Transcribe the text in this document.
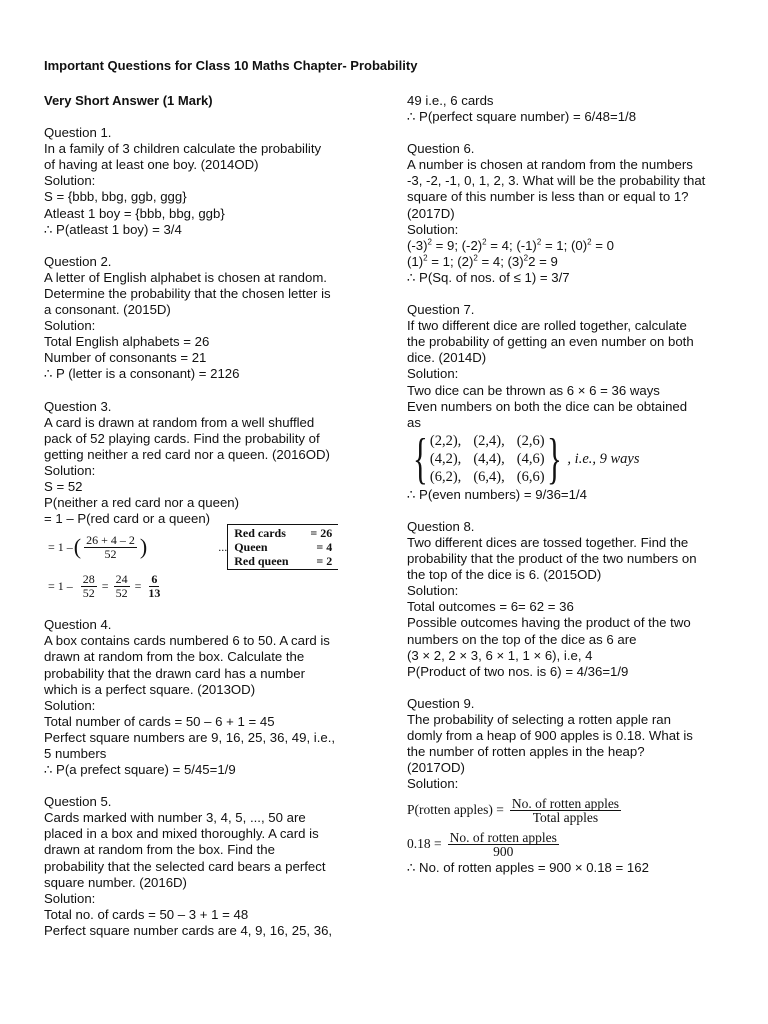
Important Questions for Class 10 Maths Chapter- Probability
Very Short Answer (1 Mark)
Question 1.
In a family of 3 children calculate the probability
of having at least one boy. (2014OD)
Solution:
S = {bbb, bbg, ggb, ggg}
Atleast 1 boy = {bbb, bbg, ggb}
∴ P(atleast 1 boy) = 3/4
Question 2.
A letter of English alphabet is chosen at random.
Determine the probability that the chosen letter is
a consonant. (2015D)
Solution:
Total English alphabets = 26
Number of consonants = 21
∴ P (letter is a consonant) = 2126
Question 3.
A card is drawn at random from a well shuffled
pack of 52 playing cards. Find the probability of
getting neither a red card nor a queen. (2016OD)
Solution:
S = 52
P(neither a red card nor a queen)
= 1 – P(red card or a queen)
= 1 – ( $\frac{26 + 4 - 2}{52}$ )	...
Red cards = 26
Queen	= 4
Red queen = 2
= $1 - \frac{28}{52} = \frac{24}{52} = \frac{6}{13}$
Question 4.
A box contains cards numbered 6 to 50. A card is
drawn at random from the box. Calculate the
probability that the drawn card has a number
which is a perfect square. (2013OD)
Solution:
Total number of cards = 50 – 6 + 1 = 45
Perfect square numbers are 9, 16, 25, 36, 49, i.e.,
5 numbers
∴ P(a prefect square) = 5/45=1/9
Question 5.
Cards marked with number 3, 4, 5, ..., 50 are
placed in a box and mixed thoroughly. A card is
drawn at random from the box. Find the
probability that the selected card bears a perfect
square number. (2016D)
Solution:
Total no. of cards = 50 – 3 + 1 = 48
Perfect square number cards are 4, 9, 16, 25, 36,
49 i.e., 6 cards
∴ P(perfect square number) = 6/48=1/8
Question 6.
A number is chosen at random from the numbers
-3, -2, -1, 0, 1, 2, 3. What will be the probability that
square of this number is less than or equal to 1?
(2017D)
Solution:
$(-3)^2 = 9$; $(-2)^2 = 4$; $(-1)^2 = 1$; $(0)^2 = 0$
$(1)^2 = 1$; $(2)^2 = 4$; $(3)^22 = 9$
∴ P(Sq. of nos. of ≤ 1) = 3/7
Question 7.
If two different dice are rolled together, calculate
the probability of getting an even number on both
dice. (2014D)
Solution:
Two dice can be thrown as 6 × 6 = 36 ways
Even numbers on both the dice can be obtained
as
{ (2,2), (2,4), (2,6)
(4,2), (4,4), (4,6)
(6,2), (6,4), (6,6) } , i.e., 9 ways
∴ P(even numbers) = 9/36=1/4
Question 8.
Two different dices are tossed together. Find the
probability that the product of the two numbers on
the top of the dice is 6. (2015OD)
Solution:
Total outcomes = 6= 62 = 36
Possible outcomes having the product of the two
numbers on the top of the dice as 6 are
(3 × 2, 2 × 3, 6 × 1, 1 × 6), i.e, 4
P(Product of two nos. is 6) = 4/36=1/9
Question 9.
The probability of selecting a rotten apple ran
domly from a heap of 900 apples is 0.18. What is
the number of rotten apples in the heap?
(2017OD)
Solution:
P(rotten apples) = $\frac{\text{No. of rotten apples}}{\text{Total apples}}$
$0.18 = \frac{\text{No. of rotten apples}}{900}$
∴ No. of rotten apples = 900 × 0.18 = 162
